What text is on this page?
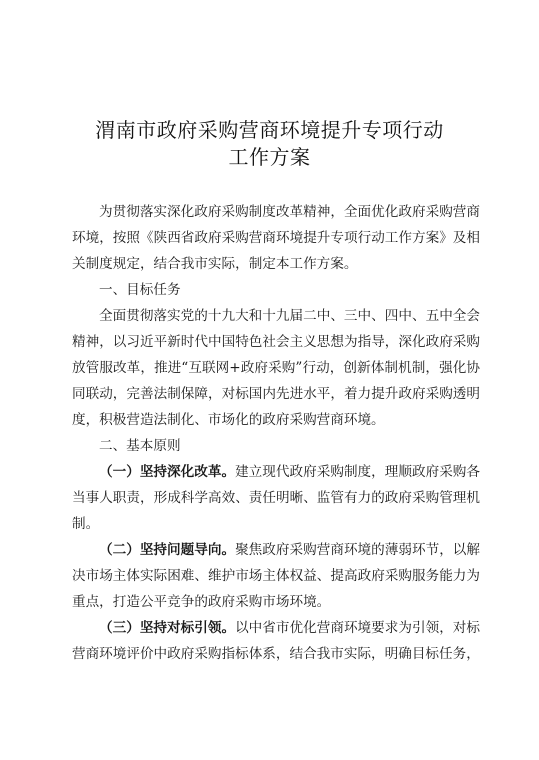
渭南市政府采购营商环境提升专项行动
工作方案

为贯彻落实深化政府采购制度改革精神，全面优化政府采购营商环境，按照《陕西省政府采购营商环境提升专项行动工作方案》及相关制度规定，结合我市实际，制定本工作方案。

一、目标任务

全面贯彻落实党的十九大和十九届二中、三中、四中、五中全会精神，以习近平新时代中国特色社会主义思想为指导，深化政府采购放管服改革，推进“互联网+政府采购”行动，创新体制机制，强化协同联动，完善法制保障，对标国内先进水平，着力提升政府采购透明度，积极营造法制化、市场化的政府采购营商环境。

二、基本原则

（一）坚持深化改革。建立现代政府采购制度，理顺政府采购各当事人职责，形成科学高效、责任明晰、监管有力的政府采购管理机制。

（二）坚持问题导向。聚焦政府采购营商环境的薄弱环节，以解决市场主体实际困难、维护市场主体权益、提高政府采购服务能力为重点，打造公平竞争的政府采购市场环境。

（三）坚持对标引领。以中省市优化营商环境要求为引领，对标营商环境评价中政府采购指标体系，结合我市实际，明确目标任务，
